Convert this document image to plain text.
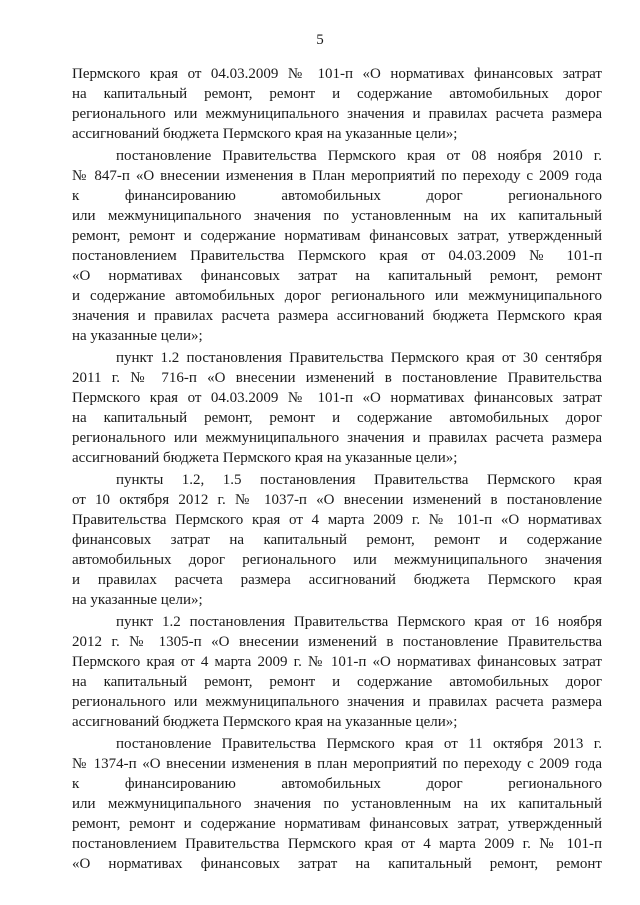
5
Пермского края от 04.03.2009 № 101-п «О нормативах финансовых затрат
на капитальный ремонт, ремонт и содержание автомобильных дорог
регионального или межмуниципального значения и правилах расчета размера
ассигнований бюджета Пермского края на указанные цели»;
постановление Правительства Пермского края от 08 ноября 2010 г.
№ 847-п «О внесении изменения в План мероприятий по переходу с 2009 года
к финансированию автомобильных дорог регионального
или межмуниципального значения по установленным на их капитальный
ремонт, ремонт и содержание нормативам финансовых затрат, утвержденный
постановлением Правительства Пермского края от 04.03.2009 № 101-п
«О нормативах финансовых затрат на капитальный ремонт, ремонт
и содержание автомобильных дорог регионального или межмуниципального
значения и правилах расчета размера ассигнований бюджета Пермского края
на указанные цели»;
пункт 1.2 постановления Правительства Пермского края от 30 сентября
2011 г. № 716-п «О внесении изменений в постановление Правительства
Пермского края от 04.03.2009 № 101-п «О нормативах финансовых затрат
на капитальный ремонт, ремонт и содержание автомобильных дорог
регионального или межмуниципального значения и правилах расчета размера
ассигнований бюджета Пермского края на указанные цели»;
пункты 1.2, 1.5 постановления Правительства Пермского края
от 10 октября 2012 г. № 1037-п «О внесении изменений в постановление
Правительства Пермского края от 4 марта 2009 г. № 101-п «О нормативах
финансовых затрат на капитальный ремонт, ремонт и содержание
автомобильных дорог регионального или межмуниципального значения
и правилах расчета размера ассигнований бюджета Пермского края
на указанные цели»;
пункт 1.2 постановления Правительства Пермского края от 16 ноября
2012 г. № 1305-п «О внесении изменений в постановление Правительства
Пермского края от 4 марта 2009 г. № 101-п «О нормативах финансовых затрат
на капитальный ремонт, ремонт и содержание автомобильных дорог
регионального или межмуниципального значения и правилах расчета размера
ассигнований бюджета Пермского края на указанные цели»;
постановление Правительства Пермского края от 11 октября 2013 г.
№ 1374-п «О внесении изменения в план мероприятий по переходу с 2009 года
к финансированию автомобильных дорог регионального
или межмуниципального значения по установленным на их капитальный
ремонт, ремонт и содержание нормативам финансовых затрат, утвержденный
постановлением Правительства Пермского края от 4 марта 2009 г. № 101-п
«О нормативах финансовых затрат на капитальный ремонт, ремонт
